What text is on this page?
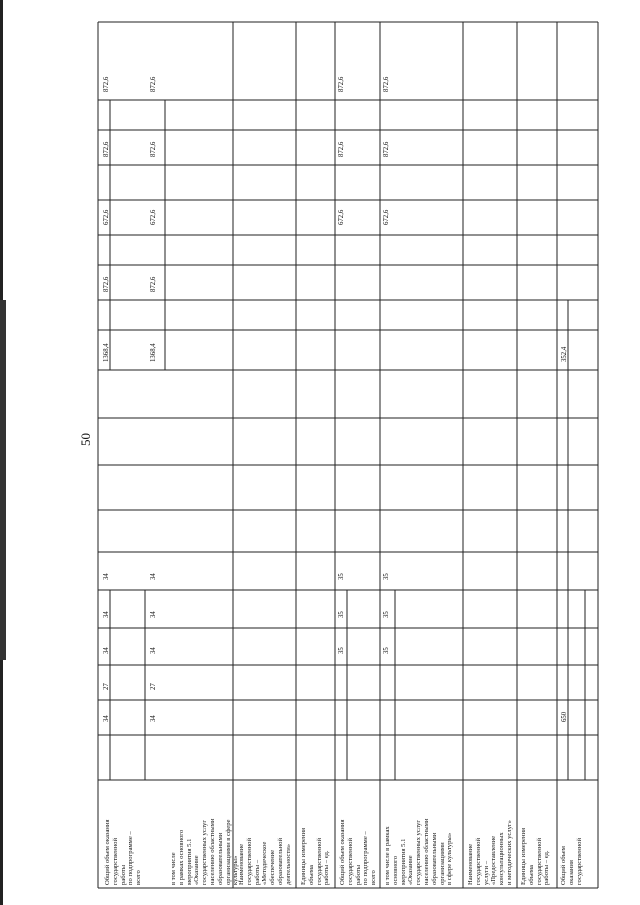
50
Общий объем оказания
государственной
работы
по подпрограмме –
всего	в том числе
в рамках основного
мероприятия 5.1
«Оказание
государственных услуг
населению областными
образовательными
организациями в сфере
культуры»
Наименование
государственной
работы –
«Методическое
обеспечение
образовательной
деятельности» Единицы измерения
объема
государственной
работы – ед.
Общий объем оказания
государственной
работы
по подпрограмме –
всего в том числе в рамках
основного
мероприятия 5.1
«Оказание
государственных услуг
населению областными
образовательными
организациями
в сфере культуры» Наименование
государственной
услуги –
«Предоставление
консультационных
и методических услуг»
Единицы измерения
объема
государственной
работы – ед.
Общий объем
оказания
государственной
34
27
34
34
34
1368,4
872,6
672,6
872,6
872,6
34
27
34
34
34
1368,4
872,6
672,6
872,6
872,6
35
35
35
672,6
872,6
872,6
35
35
35
672,6
872,6
872,6
650
352,4
